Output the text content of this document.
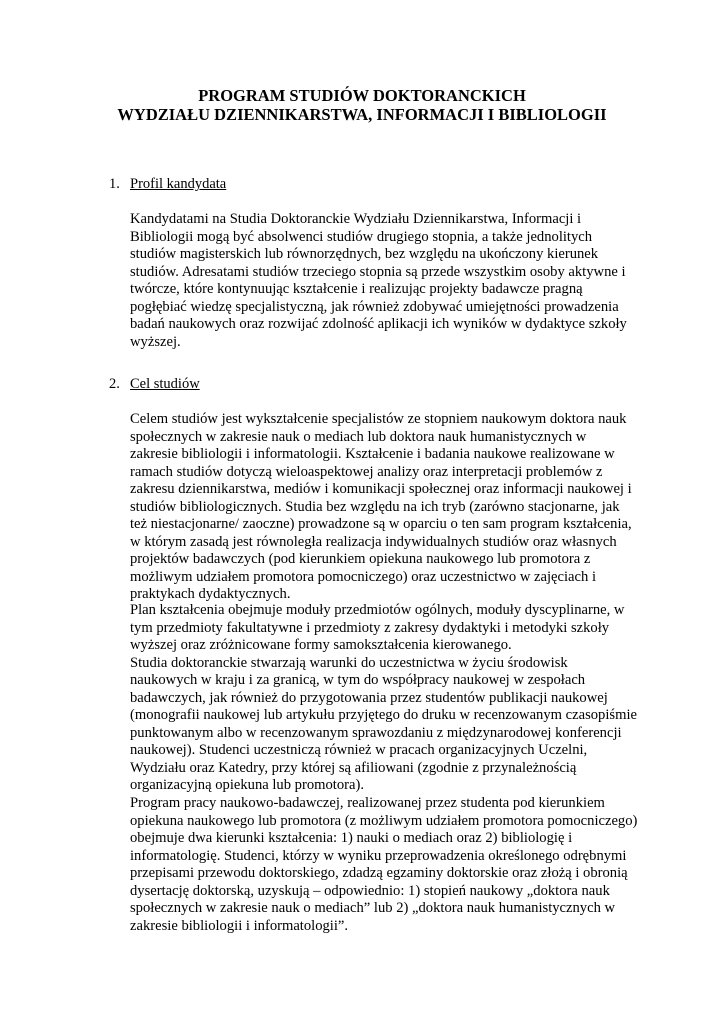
PROGRAM STUDIÓW DOKTORANCKICH
WYDZIAŁU DZIENNIKARSTWA, INFORMACJI I BIBLIOLOGII
1. Profil kandydata
Kandydatami na Studia Doktoranckie Wydziału Dziennikarstwa, Informacji i
Bibliologii mogą być absolwenci studiów drugiego stopnia, a także jednolitych
studiów magisterskich lub równorzędnych, bez względu na ukończony kierunek
studiów. Adresatami studiów trzeciego stopnia są przede wszystkim osoby aktywne i
twórcze, które kontynuując kształcenie i realizując projekty badawcze pragną
pogłębiać wiedzę specjalistyczną, jak również zdobywać umiejętności prowadzenia
badań naukowych oraz rozwijać zdolność aplikacji ich wyników w dydaktyce szkoły
wyższej.
2. Cel studiów
Celem studiów jest wykształcenie specjalistów ze stopniem naukowym doktora nauk
społecznych w zakresie nauk o mediach lub doktora nauk humanistycznych w
zakresie bibliologii i informatologii. Kształcenie i badania naukowe realizowane w
ramach studiów dotyczą wieloaspektowej analizy oraz interpretacji problemów z
zakresu dziennikarstwa, mediów i komunikacji społecznej oraz informacji naukowej i
studiów bibliologicznych. Studia bez względu na ich tryb (zarówno stacjonarne, jak
też niestacjonarne/ zaoczne) prowadzone są w oparciu o ten sam program kształcenia,
w którym zasadą jest równoległa realizacja indywidualnych studiów oraz własnych
projektów badawczych (pod kierunkiem opiekuna naukowego lub promotora z
możliwym udziałem promotora pomocniczego) oraz uczestnictwo w zajęciach i
praktykach dydaktycznych.
Plan kształcenia obejmuje moduły przedmiotów ogólnych, moduły dyscyplinarne, w
tym przedmioty fakultatywne i przedmioty z zakresy dydaktyki i metodyki szkoły
wyższej oraz zróżnicowane formy samokształcenia kierowanego.
Studia doktoranckie stwarzają warunki do uczestnictwa w życiu środowisk
naukowych w kraju i za granicą, w tym do współpracy naukowej w zespołach
badawczych, jak również do przygotowania przez studentów publikacji naukowej
(monografii naukowej lub artykułu przyjętego do druku w recenzowanym czasopiśmie
punktowanym albo w recenzowanym sprawozdaniu z międzynarodowej konferencji
naukowej). Studenci uczestniczą również w pracach organizacyjnych Uczelni,
Wydziału oraz Katedry, przy której są afiliowani (zgodnie z przynależnością
organizacyjną opiekuna lub promotora).
Program pracy naukowo-badawczej, realizowanej przez studenta pod kierunkiem
opiekuna naukowego lub promotora (z możliwym udziałem promotora pomocniczego)
obejmuje dwa kierunki kształcenia: 1) nauki o mediach oraz 2) bibliologię i
informatologię. Studenci, którzy w wyniku przeprowadzenia określonego odrębnymi
przepisami przewodu doktorskiego, zdadzą egzaminy doktorskie oraz złożą i obronią
dysertację doktorską, uzyskują – odpowiednio: 1) stopień naukowy „doktora nauk
społecznych w zakresie nauk o mediach” lub 2) „doktora nauk humanistycznych w
zakresie bibliologii i informatologii”.
